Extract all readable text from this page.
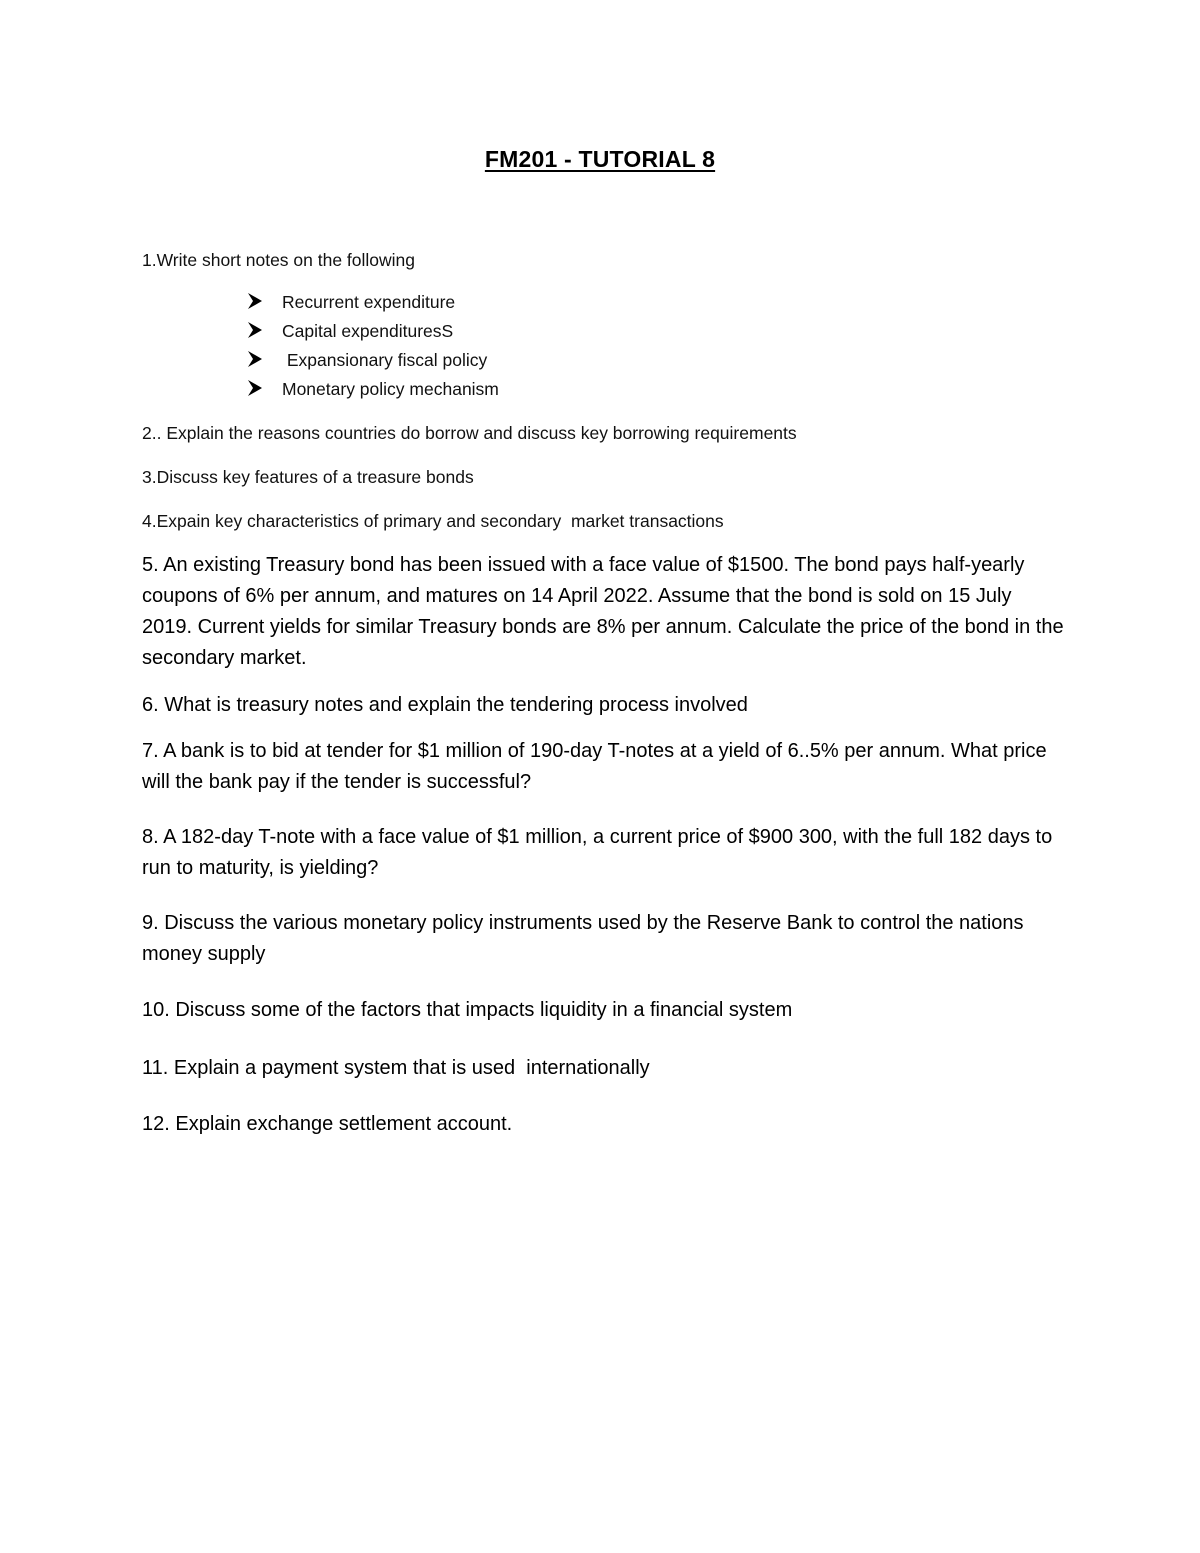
FM201 - TUTORIAL 8
1.Write short notes on the following
Recurrent expenditure
Capital expendituresS
Expansionary fiscal policy
Monetary policy mechanism
2.. Explain the reasons countries do borrow and discuss key borrowing requirements
3.Discuss key features of a treasure bonds
4.Expain key characteristics of primary and secondary  market transactions
5. An existing Treasury bond has been issued with a face value of $1500. The bond pays half-yearly coupons of 6% per annum, and matures on 14 April 2022. Assume that the bond is sold on 15 July 2019. Current yields for similar Treasury bonds are 8% per annum. Calculate the price of the bond in the secondary market.
6. What is treasury notes and explain the tendering process involved
7. A bank is to bid at tender for $1 million of 190-day T-notes at a yield of 6..5% per annum. What price will the bank pay if the tender is successful?
8. A 182-day T-note with a face value of $1 million, a current price of $900 300, with the full 182 days to run to maturity, is yielding?
9. Discuss the various monetary policy instruments used by the Reserve Bank to control the nations money supply
10. Discuss some of the factors that impacts liquidity in a financial system
11. Explain a payment system that is used  internationally
12. Explain exchange settlement account.
